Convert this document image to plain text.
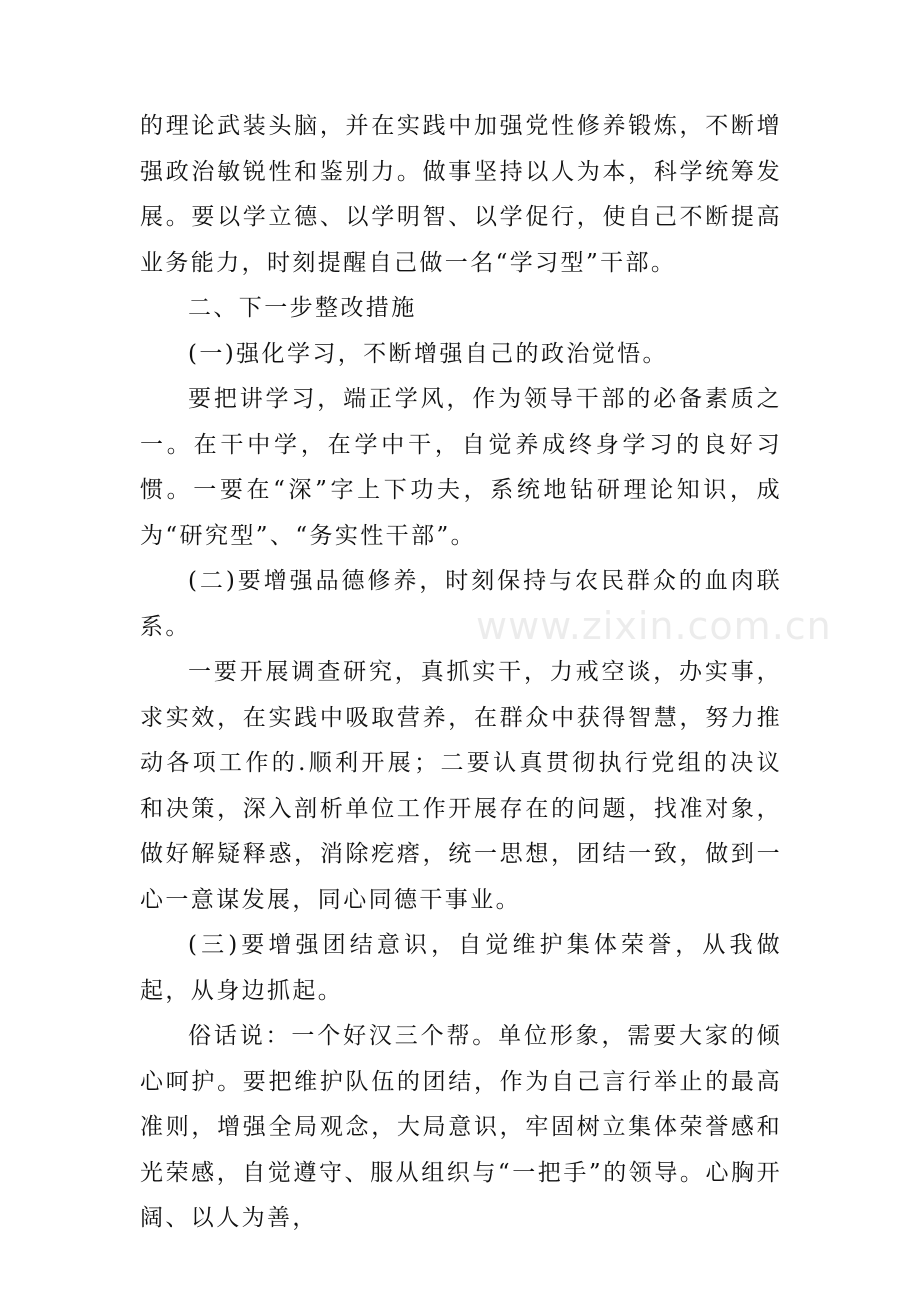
的理论武装头脑，并在实践中加强党性修养锻炼，不断增强政治敏锐性和鉴别力。做事坚持以人为本，科学统筹发展。要以学立德、以学明智、以学促行，使自己不断提高业务能力，时刻提醒自己做一名“学习型”干部。

二、下一步整改措施

(一)强化学习，不断增强自己的政治觉悟。

要把讲学习，端正学风，作为领导干部的必备素质之一。在干中学，在学中干，自觉养成终身学习的良好习惯。一要在“深”字上下功夫，系统地钻研理论知识，成为“研究型”、“务实性干部”。

(二)要增强品德修养，时刻保持与农民群众的血肉联系。

一要开展调查研究，真抓实干，力戒空谈，办实事，求实效，在实践中吸取营养，在群众中获得智慧，努力推动各项工作的.顺利开展；二要认真贯彻执行党组的决议和决策，深入剖析单位工作开展存在的问题，找准对象，做好解疑释惑，消除疙瘩，统一思想，团结一致，做到一心一意谋发展，同心同德干事业。

(三)要增强团结意识，自觉维护集体荣誉，从我做起，从身边抓起。

俗话说：一个好汉三个帮。单位形象，需要大家的倾心呵护。要把维护队伍的团结，作为自己言行举止的最高准则，增强全局观念，大局意识，牢固树立集体荣誉感和光荣感，自觉遵守、服从组织与“一把手”的领导。心胸开阔、以人为善，

www.zixin.com.cn
